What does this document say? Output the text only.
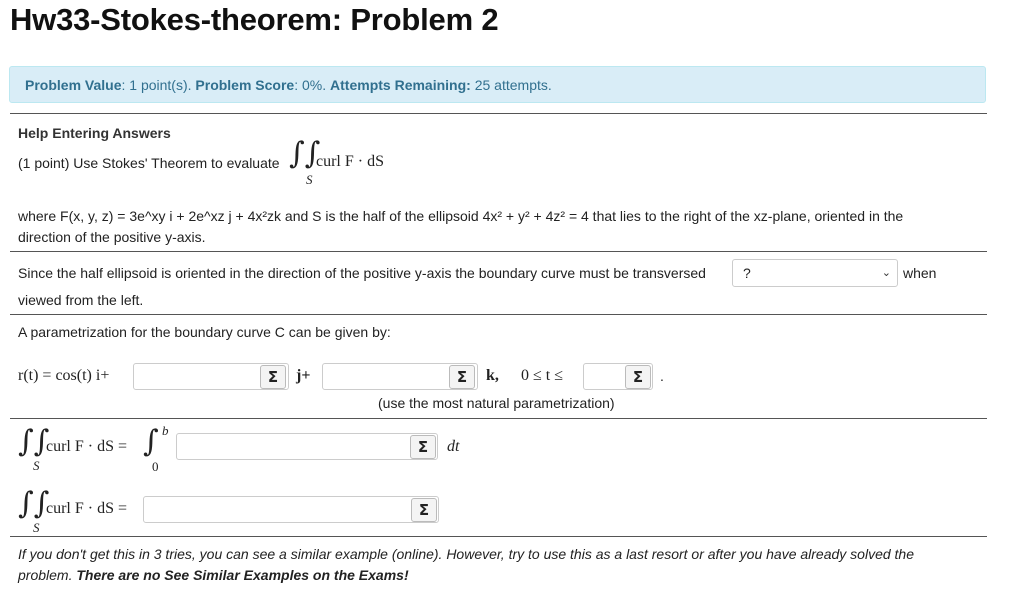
Hw33-Stokes-theorem: Problem 2
Problem Value: 1 point(s). Problem Score: 0%. Attempts Remaining: 25 attempts.
Help Entering Answers
(1 point) Use Stokes' Theorem to evaluate ∫∫
S
curl F · dS
where F(x, y, z) = 3e^xy i + 2e^xz j + 4x²zk and S is the half of the ellipsoid 4x² + y² + 4z² = 4 that lies to the right of the xz-plane, oriented in the
direction of the positive y-axis.
Since the half ellipsoid is oriented in the direction of the positive y-axis the boundary curve must be transversed	?	⌄ when
viewed from the left.
A parametrization for the boundary curve C can be given by:
r(t) = cos(t) i+	Σ	j+	Σ	k, 0 ≤ t ≤	Σ	.
(use the most natural parametrization)
∫∫
S
curl F · dS = ∫ b
0
Σ	dt
∫∫
S
curl F · dS =	Σ
If you don't get this in 3 tries, you can see a similar example (online). However, try to use this as a last resort or after you have already solved the
problem. There are no See Similar Examples on the Exams!
